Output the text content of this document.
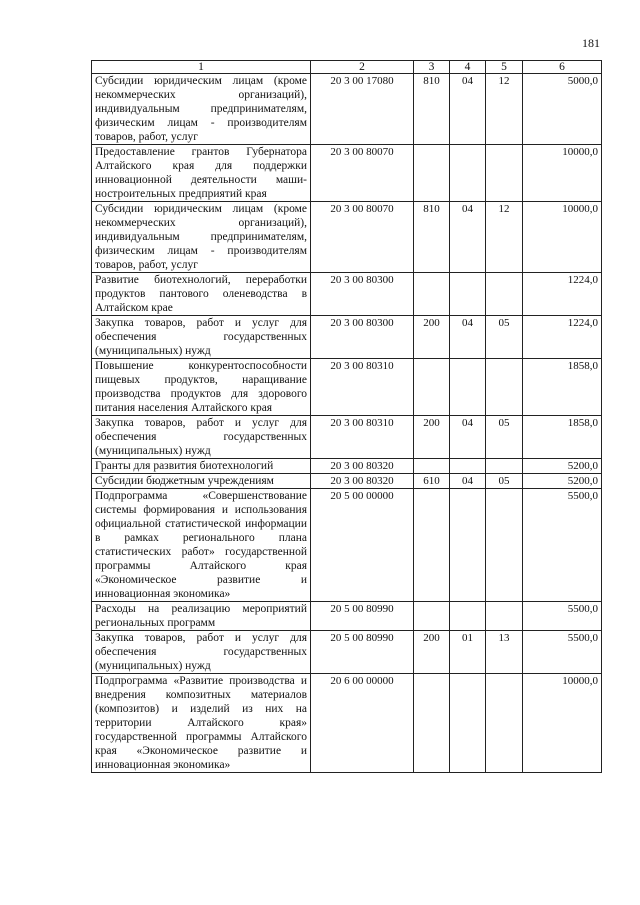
181
1	2	3	4	5	6
Субсидии юридическим лицам (кроме некоммерческих организаций), индивидуальным предпринимателям, физическим лицам - производителям товаров, работ, услуг	20 3 00 17080	810	04	12	5000,0
Предоставление грантов Губернатора Алтайского края для поддержки инновационной деятельности машиностроительных предприятий края	20 3 00 80070				10000,0
Субсидии юридическим лицам (кроме некоммерческих организаций), индивидуальным предпринимателям, физическим лицам - производителям товаров, работ, услуг	20 3 00 80070	810	04	12	10000,0
Развитие биотехнологий, переработки продуктов пантового оленеводства в Алтайском крае	20 3 00 80300				1224,0
Закупка товаров, работ и услуг для обеспечения государственных (муниципальных) нужд	20 3 00 80300	200	04	05	1224,0
Повышение конкурентоспособности пищевых продуктов, наращивание производства продуктов для здорового питания населения Алтайского края	20 3 00 80310				1858,0
Закупка товаров, работ и услуг для обеспечения государственных (муниципальных) нужд	20 3 00 80310	200	04	05	1858,0
Гранты для развития биотехнологий	20 3 00 80320				5200,0
Субсидии бюджетным учреждениям	20 3 00 80320	610	04	05	5200,0
Подпрограмма «Совершенствование системы формирования и использования официальной статистической информации в рамках регионального плана статистических работ» государственной программы Алтайского края «Экономическое развитие и инновационная экономика»	20 5 00 00000				5500,0
Расходы на реализацию мероприятий региональных программ	20 5 00 80990				5500,0
Закупка товаров, работ и услуг для обеспечения государственных (муниципальных) нужд	20 5 00 80990	200	01	13	5500,0
Подпрограмма «Развитие производства и внедрения композитных материалов (композитов) и изделий из них на территории Алтайского края» государственной программы Алтайского края «Экономическое развитие и инновационная экономика»	20 6 00 00000				10000,0
